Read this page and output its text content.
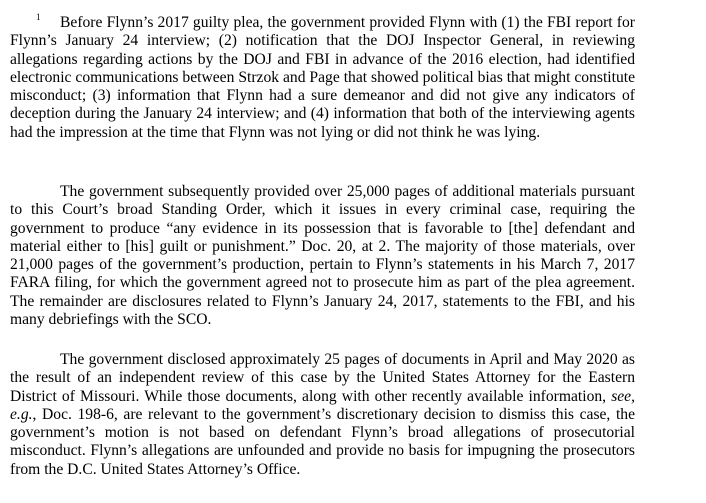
1	Before Flynn’s 2017 guilty plea, the government provided Flynn with (1) the FBI report for Flynn’s January 24 interview; (2) notification that the DOJ Inspector General, in reviewing allegations regarding actions by the DOJ and FBI in advance of the 2016 election, had identified electronic communications between Strzok and Page that showed political bias that might constitute misconduct; (3) information that Flynn had a sure demeanor and did not give any indicators of deception during the January 24 interview; and (4) information that both of the interviewing agents had the impression at the time that Flynn was not lying or did not think he was lying.

The government subsequently provided over 25,000 pages of additional materials pursuant to this Court’s broad Standing Order, which it issues in every criminal case, requiring the government to produce “any evidence in its possession that is favorable to [the] defendant and material either to [his] guilt or punishment.” Doc. 20, at 2. The majority of those materials, over 21,000 pages of the government’s production, pertain to Flynn’s statements in his March 7, 2017 FARA filing, for which the government agreed not to prosecute him as part of the plea agreement. The remainder are disclosures related to Flynn’s January 24, 2017, statements to the FBI, and his many debriefings with the SCO.

The government disclosed approximately 25 pages of documents in April and May 2020 as the result of an independent review of this case by the United States Attorney for the Eastern District of Missouri. While those documents, along with other recently available information, see, e.g., Doc. 198-6, are relevant to the government’s discretionary decision to dismiss this case, the government’s motion is not based on defendant Flynn’s broad allegations of prosecutorial misconduct. Flynn’s allegations are unfounded and provide no basis for impugning the prosecutors from the D.C. United States Attorney’s Office.
